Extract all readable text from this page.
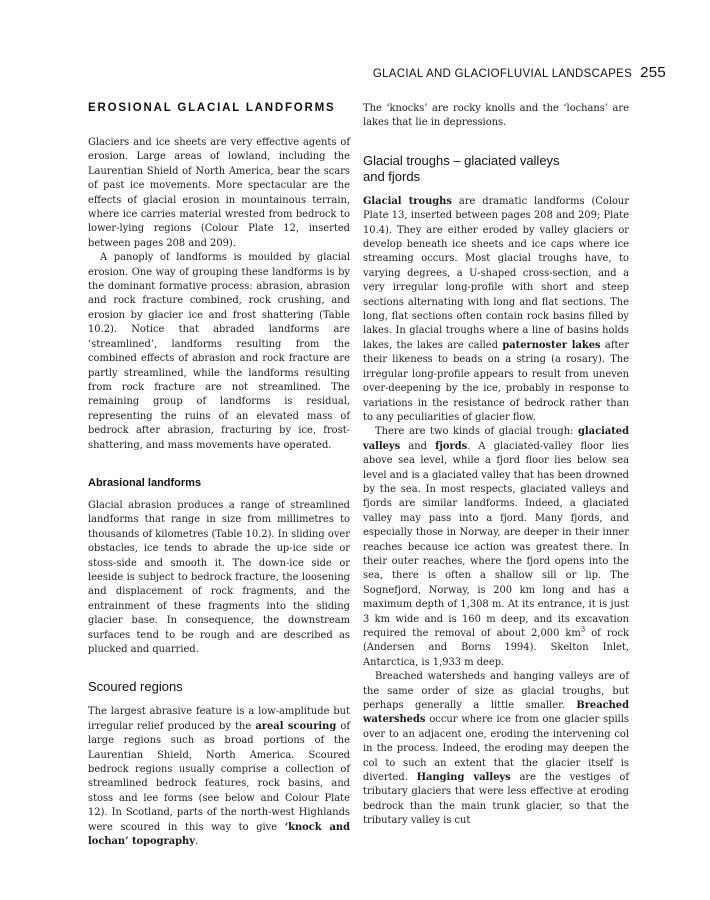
GLACIAL AND GLACIOFLUVIAL LANDSCAPES 255
EROSIONAL GLACIAL LANDFORMS

Glaciers and ice sheets are very effective agents of erosion. Large areas of lowland, including the Laurentian Shield of North America, bear the scars of past ice movements. More spectacular are the effects of glacial erosion in mountainous terrain, where ice carries material wrested from bedrock to lower-lying regions (Colour Plate 12, inserted between pages 208 and 209).

A panoply of landforms is moulded by glacial erosion. One way of grouping these landforms is by the dominant formative process: abrasion, abrasion and rock fracture combined, rock crushing, and erosion by glacier ice and frost shattering (Table 10.2). Notice that abraded landforms are ‘streamlined’, landforms resulting from the combined effects of abrasion and rock fracture are partly streamlined, while the landforms resulting from rock fracture are not streamlined. The remaining group of landforms is residual, representing the ruins of an elevated mass of bedrock after abrasion, fracturing by ice, frost-shattering, and mass movements have operated.

Abrasional landforms

Glacial abrasion produces a range of streamlined landforms that range in size from millimetres to thousands of kilometres (Table 10.2). In sliding over obstacles, ice tends to abrade the up-ice side or stoss-side and smooth it. The down-ice side or leeside is subject to bedrock fracture, the loosening and displacement of rock fragments, and the entrainment of these fragments into the sliding glacier base. In consequence, the downstream surfaces tend to be rough and are described as plucked and quarried.

Scoured regions

The largest abrasive feature is a low-amplitude but irregular relief produced by the areal scouring of large regions such as broad portions of the Laurentian Shield, North America. Scoured bedrock regions usually comprise a collection of streamlined bedrock features, rock basins, and stoss and lee forms (see below and Colour Plate 12). In Scotland, parts of the north-west Highlands were scoured in this way to give ‘knock and lochan’ topography.

The ‘knocks’ are rocky knolls and the ‘lochans’ are lakes that lie in depressions.

Glacial troughs – glaciated valleys
and fjords

Glacial troughs are dramatic landforms (Colour Plate 13, inserted between pages 208 and 209; Plate 10.4). They are either eroded by valley glaciers or develop beneath ice sheets and ice caps where ice streaming occurs. Most glacial troughs have, to varying degrees, a U-shaped cross-section, and a very irregular long-profile with short and steep sections alternating with long and flat sections. The long, flat sections often contain rock basins filled by lakes. In glacial troughs where a line of basins holds lakes, the lakes are called paternoster lakes after their likeness to beads on a string (a rosary). The irregular long-profile appears to result from uneven over-deepening by the ice, probably in response to variations in the resistance of bedrock rather than to any peculiarities of glacier flow.

There are two kinds of glacial trough: glaciated valleys and fjords. A glaciated-valley floor lies above sea level, while a fjord floor lies below sea level and is a glaciated valley that has been drowned by the sea. In most respects, glaciated valleys and fjords are similar landforms. Indeed, a glaciated valley may pass into a fjord. Many fjords, and especially those in Norway, are deeper in their inner reaches because ice action was greatest there. In their outer reaches, where the fjord opens into the sea, there is often a shallow sill or lip. The Sognefjord, Norway, is 200 km long and has a maximum depth of 1,308 m. At its entrance, it is just 3 km wide and is 160 m deep, and its excavation required the removal of about 2,000 $km^3$ of rock (Andersen and Borns 1994). Skelton Inlet, Antarctica, is 1,933 m deep.

Breached watersheds and hanging valleys are of the same order of size as glacial troughs, but perhaps generally a little smaller. Breached watersheds occur where ice from one glacier spills over to an adjacent one, eroding the intervening col in the process. Indeed, the eroding may deepen the col to such an extent that the glacier itself is diverted. Hanging valleys are the vestiges of tributary glaciers that were less effective at eroding bedrock than the main trunk glacier, so that the tributary valley is cut
